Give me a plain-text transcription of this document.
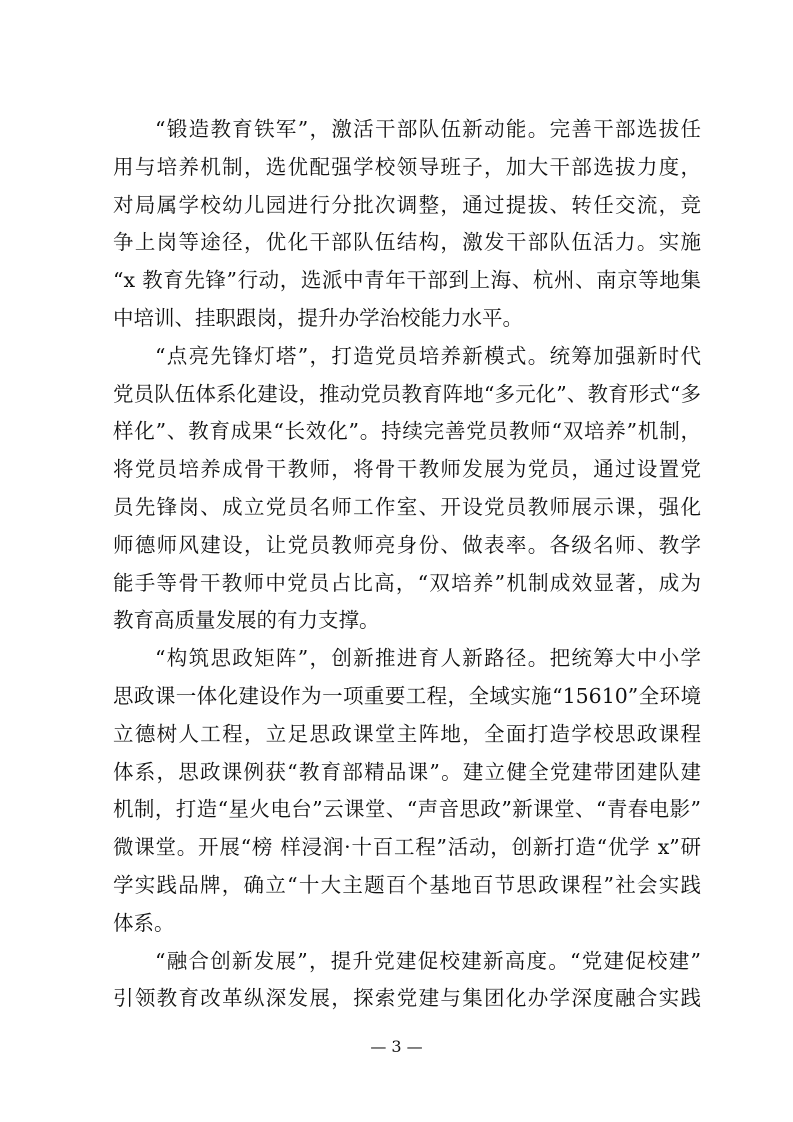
“锻造教育铁军”，激活干部队伍新动能。完善干部选拔任
用与培养机制，选优配强学校领导班子，加大干部选拔力度，
对局属学校幼儿园进行分批次调整，通过提拔、转任交流，竞
争上岗等途径，优化干部队伍结构，激发干部队伍活力。实施
“x 教育先锋”行动，选派中青年干部到上海、杭州、南京等地集
中培训、挂职跟岗，提升办学治校能力水平。
“点亮先锋灯塔”，打造党员培养新模式。统筹加强新时代
党员队伍体系化建设，推动党员教育阵地“多元化”、教育形式“多
样化”、教育成果“长效化”。持续完善党员教师“双培养”机制，
将党员培养成骨干教师，将骨干教师发展为党员，通过设置党
员先锋岗、成立党员名师工作室、开设党员教师展示课，强化
师德师风建设，让党员教师亮身份、做表率。各级名师、教学
能手等骨干教师中党员占比高，“双培养”机制成效显著，成为
教育高质量发展的有力支撑。
“构筑思政矩阵”，创新推进育人新路径。把统筹大中小学
思政课一体化建设作为一项重要工程，全域实施“15610”全环境
立德树人工程，立足思政课堂主阵地，全面打造学校思政课程
体系，思政课例获“教育部精品课”。建立健全党建带团建队建
机制，打造“星火电台”云课堂、“声音思政”新课堂、“青春电影”
微课堂。开展“榜 样浸润·十百工程”活动，创新打造“优学 x”研
学实践品牌，确立“十大主题百个基地百节思政课程”社会实践
体系。
“融合创新发展”，提升党建促校建新高度。“党建促校建”
引领教育改革纵深发展，探索党建与集团化办学深度融合实践
— 3 —
